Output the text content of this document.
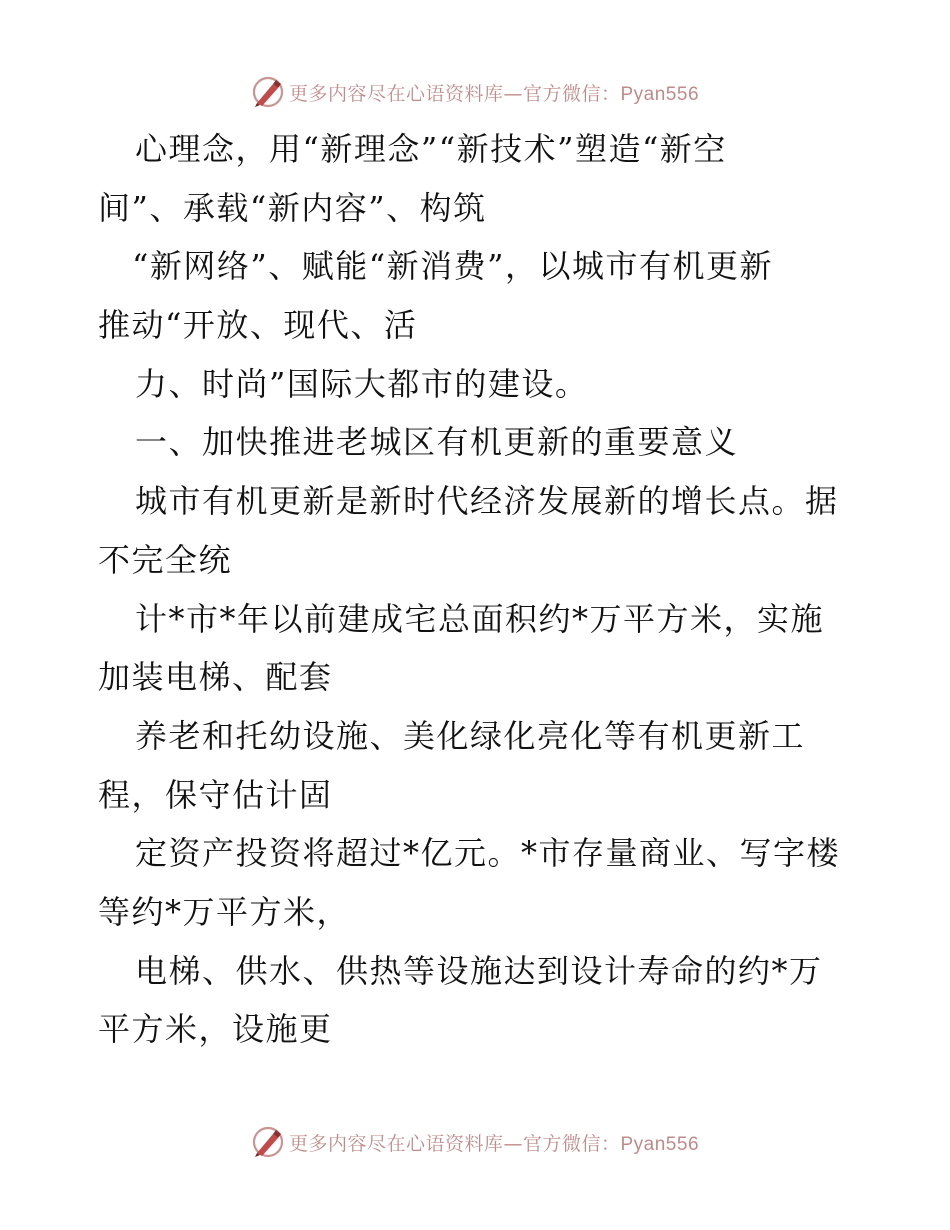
更多内容尽在心语资料库—官方微信：Pyan556
心理念，用“新理念”“新技术”塑造“新空
间”、承载“新内容”、构筑
“新网络”、赋能“新消费”，以城市有机更新
推动“开放、现代、活
力、时尚”国际大都市的建设。
一、加快推进老城区有机更新的重要意义
城市有机更新是新时代经济发展新的增长点。据
不完全统
计*市*年以前建成宅总面积约*万平方米，实施
加装电梯、配套
养老和托幼设施、美化绿化亮化等有机更新工
程，保守估计固
定资产投资将超过*亿元。*市存量商业、写字楼
等约*万平方米，
电梯、供水、供热等设施达到设计寿命的约*万
平方米，设施更
更多内容尽在心语资料库—官方微信：Pyan556
